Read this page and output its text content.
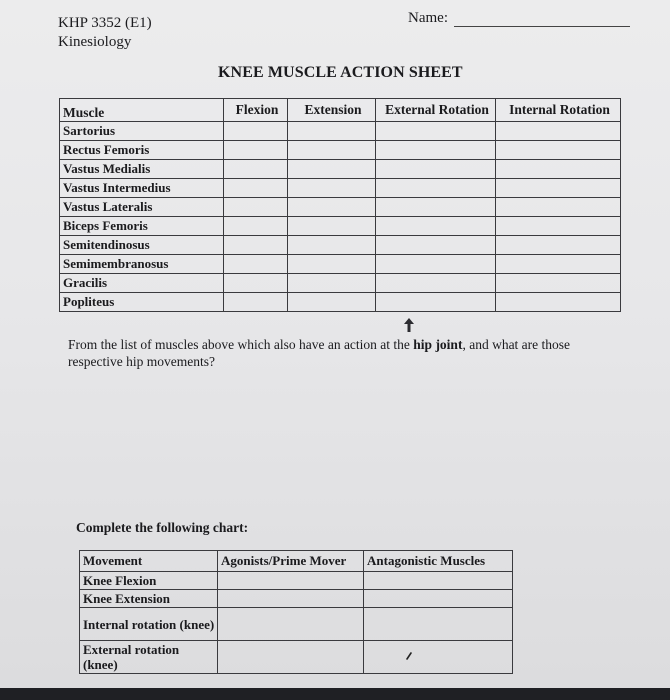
KHP 3352 (E1)
Kinesiology
Name:
KNEE MUSCLE ACTION SHEET
Muscle	Flexion	Extension	External Rotation	Internal Rotation
Sartorius				
Rectus Femoris				
Vastus Medialis				
Vastus Intermedius				
Vastus Lateralis				
Biceps Femoris				
Semitendinosus				
Semimembranosus				
Gracilis				
Popliteus				
From the list of muscles above which also have an action at the hip joint, and what are those respective hip movements?
Complete the following chart:
Movement	Agonists/Prime Mover	Antagonistic Muscles
Knee Flexion		
Knee Extension		
Internal rotation (knee)		
External rotation (knee)		
